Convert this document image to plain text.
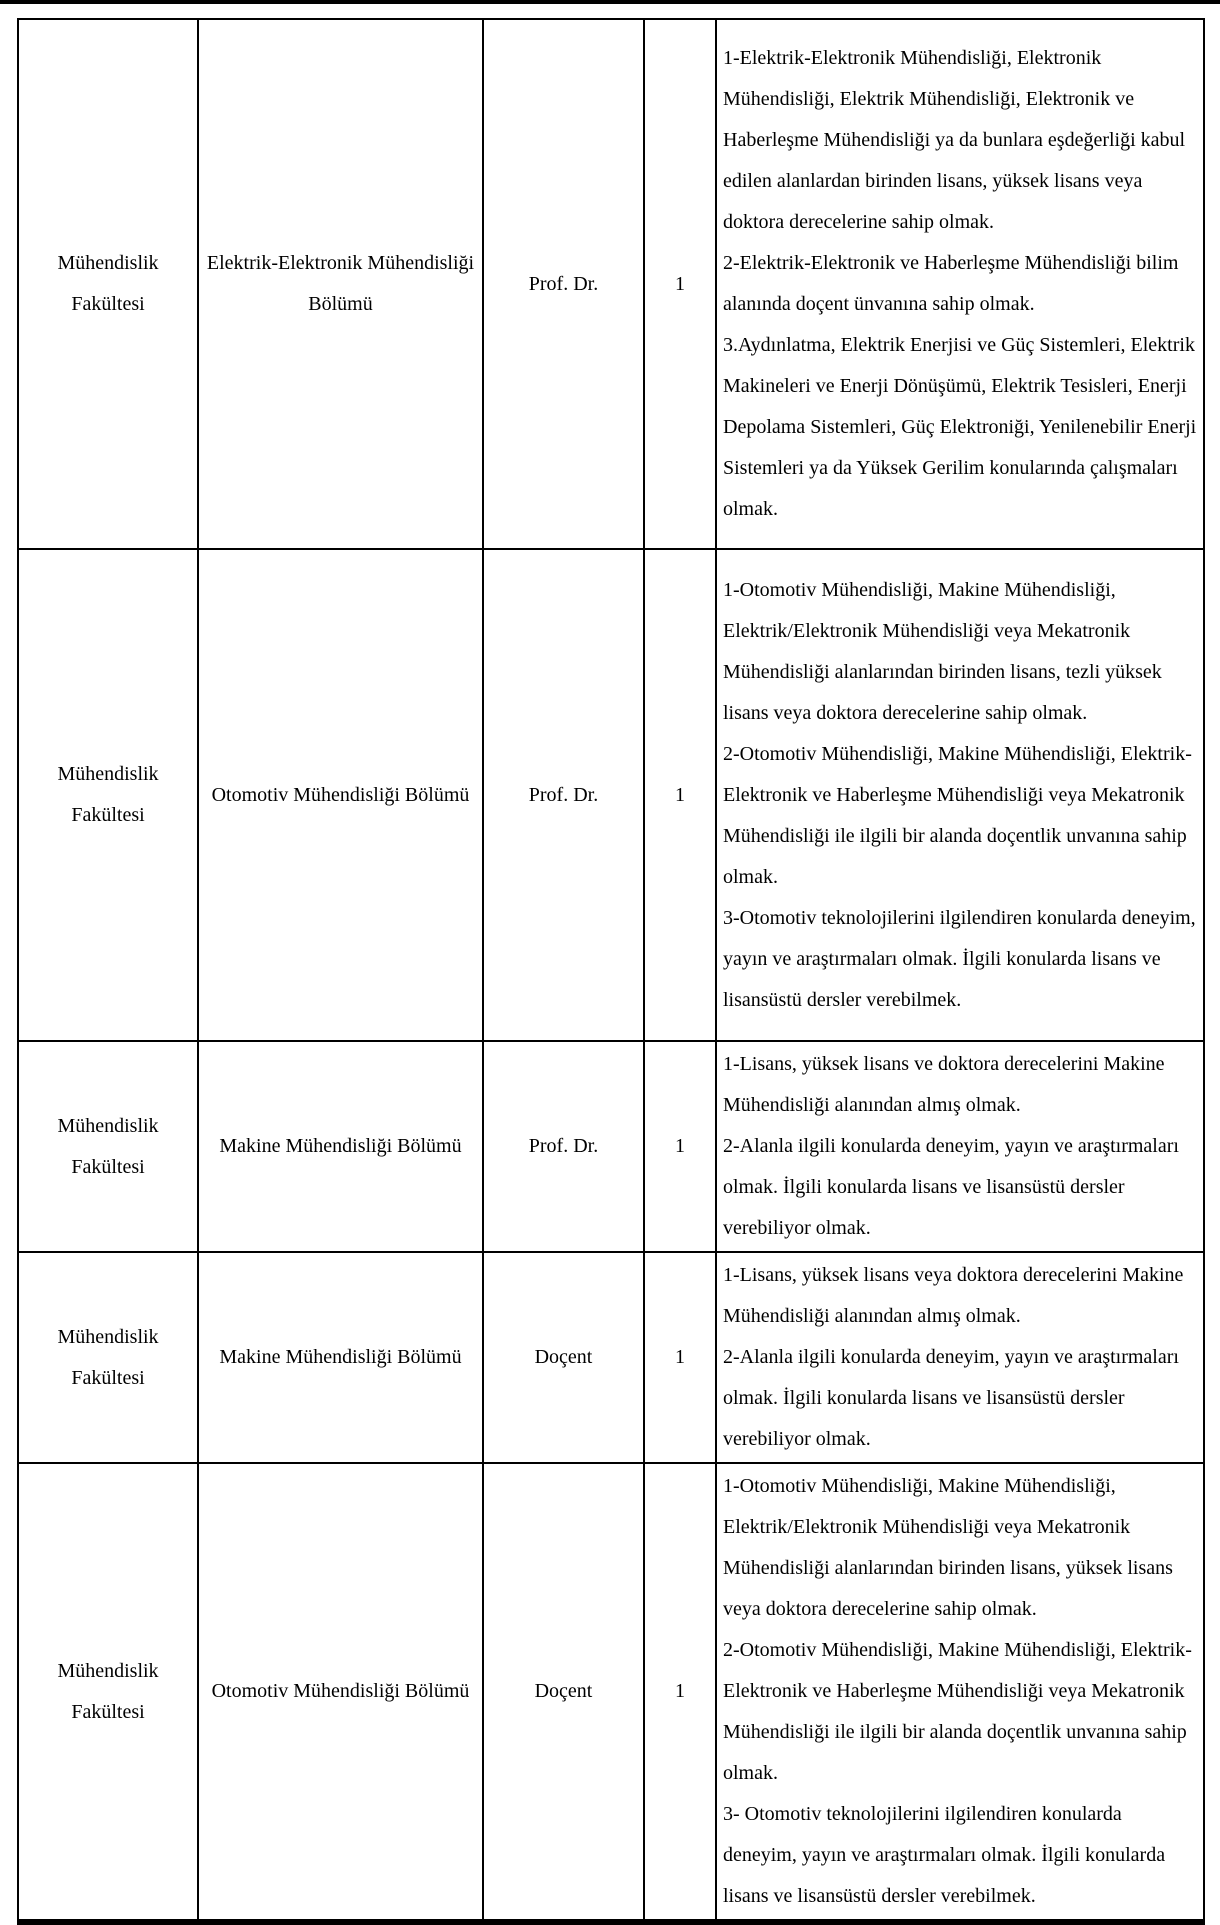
Mühendislik Fakültesi	Elektrik-Elektronik Mühendisliği Bölümü	Prof. Dr.	1	1-Elektrik-Elektronik Mühendisliği, Elektronik Mühendisliği, Elektrik Mühendisliği, Elektronik ve Haberleşme Mühendisliği ya da bunlara eşdeğerliği kabul edilen alanlardan birinden lisans, yüksek lisans veya doktora derecelerine sahip olmak.
2-Elektrik-Elektronik ve Haberleşme Mühendisliği bilim alanında doçent ünvanına sahip olmak.
3.Aydınlatma, Elektrik Enerjisi ve Güç Sistemleri, Elektrik Makineleri ve Enerji Dönüşümü, Elektrik Tesisleri, Enerji Depolama Sistemleri, Güç Elektroniği, Yenilenebilir Enerji Sistemleri ya da Yüksek Gerilim konularında çalışmaları olmak.

Mühendislik Fakültesi	Otomotiv Mühendisliği Bölümü	Prof. Dr.	1	1-Otomotiv Mühendisliği, Makine Mühendisliği, Elektrik/Elektronik Mühendisliği veya Mekatronik Mühendisliği alanlarından birinden lisans, tezli yüksek lisans veya doktora derecelerine sahip olmak.
2-Otomotiv Mühendisliği, Makine Mühendisliği, Elektrik-Elektronik ve Haberleşme Mühendisliği veya Mekatronik Mühendisliği ile ilgili bir alanda doçentlik unvanına sahip olmak.
3-Otomotiv teknolojilerini ilgilendiren konularda deneyim, yayın ve araştırmaları olmak. İlgili konularda lisans ve lisansüstü dersler verebilmek.

Mühendislik Fakültesi	Makine Mühendisliği Bölümü	Prof. Dr.	1	1-Lisans, yüksek lisans ve doktora derecelerini Makine Mühendisliği alanından almış olmak.
2-Alanla ilgili konularda deneyim, yayın ve araştırmaları olmak. İlgili konularda lisans ve lisansüstü dersler verebiliyor olmak.

Mühendislik Fakültesi	Makine Mühendisliği Bölümü	Doçent	1	1-Lisans, yüksek lisans veya doktora derecelerini Makine Mühendisliği alanından almış olmak.
2-Alanla ilgili konularda deneyim, yayın ve araştırmaları olmak. İlgili konularda lisans ve lisansüstü dersler verebiliyor olmak.

Mühendislik Fakültesi	Otomotiv Mühendisliği Bölümü	Doçent	1	1-Otomotiv Mühendisliği, Makine Mühendisliği, Elektrik/Elektronik Mühendisliği veya Mekatronik Mühendisliği alanlarından birinden lisans, yüksek lisans veya doktora derecelerine sahip olmak.
2-Otomotiv Mühendisliği, Makine Mühendisliği, Elektrik-Elektronik ve Haberleşme Mühendisliği veya Mekatronik Mühendisliği ile ilgili bir alanda doçentlik unvanına sahip olmak.
3- Otomotiv teknolojilerini ilgilendiren konularda deneyim, yayın ve araştırmaları olmak. İlgili konularda lisans ve lisansüstü dersler verebilmek.
